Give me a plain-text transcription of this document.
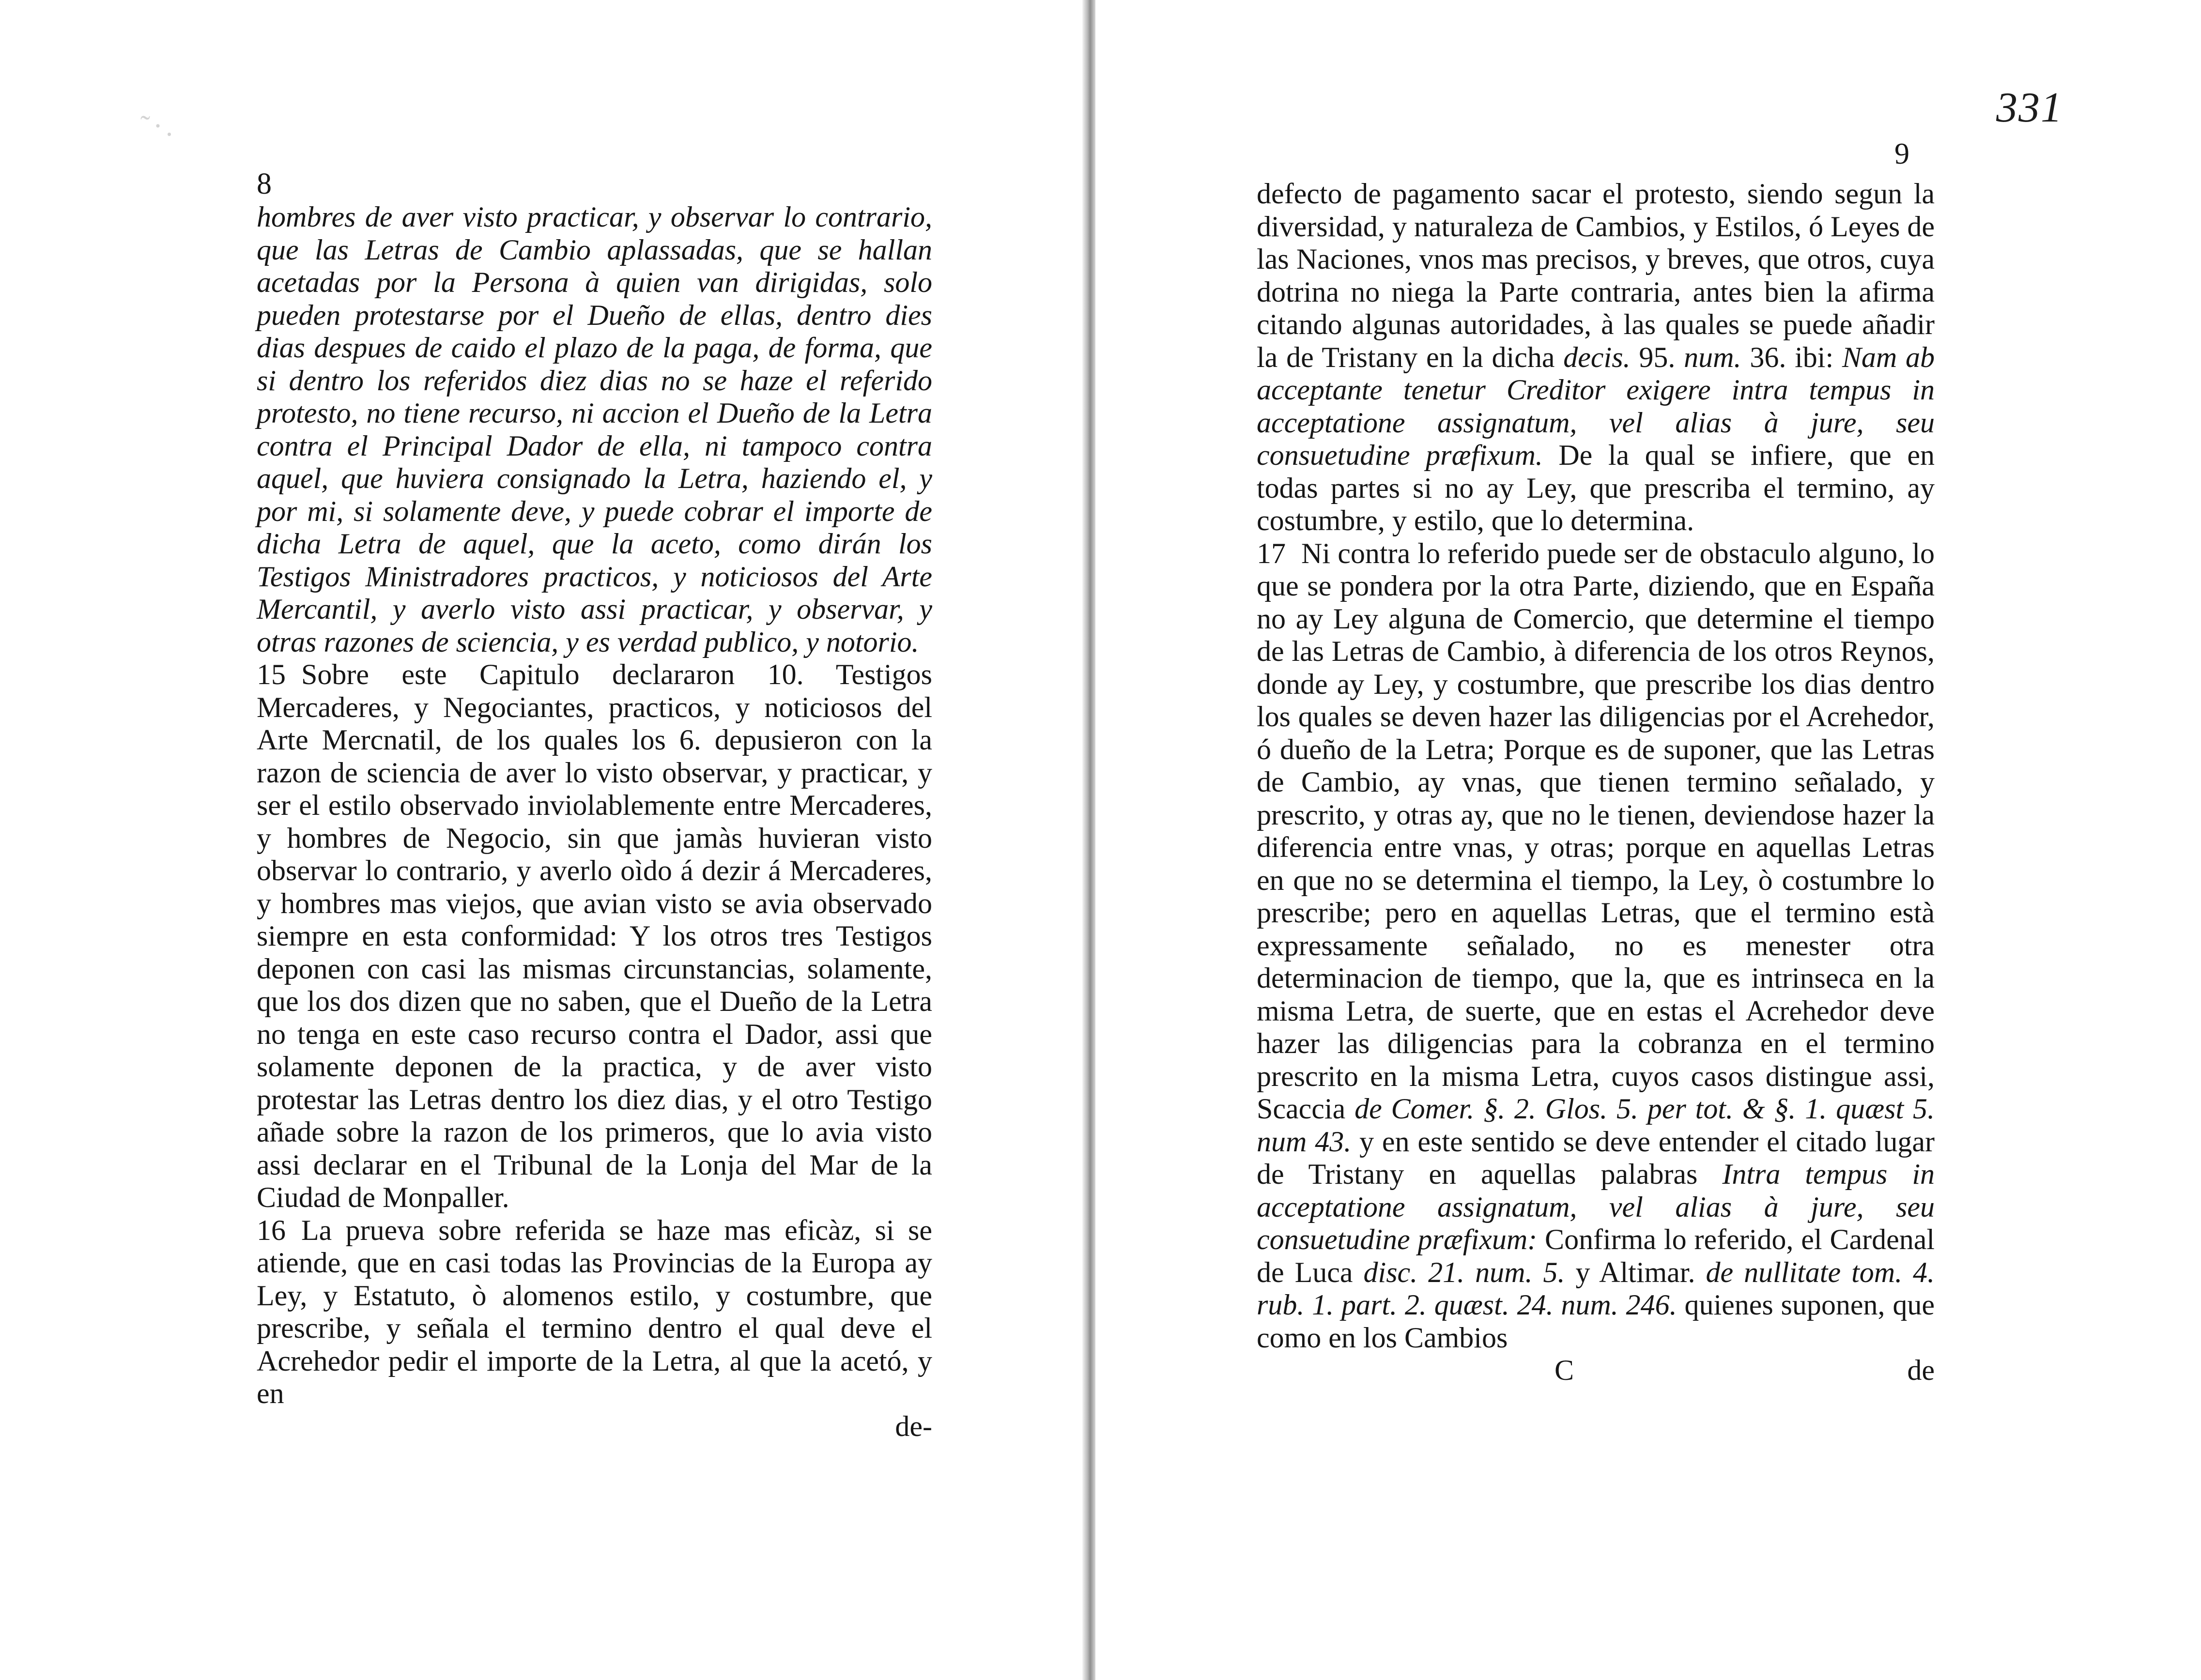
˜·.
8

hombres de aver visto practicar, y observar lo contrario, que las Letras de Cambio aplassadas, que se hallan acetadas por la Persona à quien van dirigidas, solo pueden protestarse por el Dueño de ellas, dentro dies dias despues de caido el plazo de la paga, de forma, que si dentro los referidos diez dias no se haze el referido protesto, no tiene recurso, ni accion el Dueño de la Letra contra el Principal Dador de ella, ni tampoco contra aquel, que huviera consignado la Letra, haziendo el, y por mi, si solamente deve, y puede cobrar el importe de dicha Letra de aquel, que la aceto, como dirán los Testigos Ministradores practicos, y noticiosos del Arte Mercantil, y averlo visto assi practicar, y observar, y otras razones de sciencia, y es verdad publico, y notorio.

15 Sobre este Capitulo declararon 10. Testigos Mercaderes, y Negociantes, practicos, y noticiosos del Arte Mercnatil, de los quales los 6. depusieron con la razon de sciencia de aver lo visto observar, y practicar, y ser el estilo observado inviolablemente entre Mercaderes, y hombres de Negocio, sin que jamàs huvieran visto observar lo contrario, y averlo oìdo á dezir á Mercaderes, y hombres mas viejos, que avian visto se avia observado siempre en esta conformidad: Y los otros tres Testigos deponen con casi las mismas circunstancias, solamente, que los dos dizen que no saben, que el Dueño de la Letra no tenga en este caso recurso contra el Dador, assi que solamente deponen de la practica, y de aver visto protestar las Letras dentro los diez dias, y el otro Testigo añade sobre la razon de los primeros, que lo avia visto assi declarar en el Tribunal de la Lonja del Mar de la Ciudad de Monpaller.

16 La prueva sobre referida se haze mas eficàz, si se atiende, que en casi todas las Provincias de la Europa ay Ley, y Estatuto, ò alomenos estilo, y costumbre, que prescribe, y señala el termino dentro el qual deve el Acrehedor pedir el importe de la Letra, al que la acetó, y en

de-

331
9

defecto de pagamento sacar el protesto, siendo segun la diversidad, y naturaleza de Cambios, y Estilos, ó Leyes de las Naciones, vnos mas precisos, y breves, que otros, cuya dotrina no niega la Parte contraria, antes bien la afirma citando algunas autoridades, à las quales se puede añadir la de Tristany en la dicha decis. 95. num. 36. ibi: Nam ab acceptante tenetur Creditor exigere intra tempus in acceptatione assignatum, vel alias à jure, seu consuetudine præfixum. De la qual se infiere, que en todas partes si no ay Ley, que prescriba el termino, ay costumbre, y estilo, que lo determina.

17 Ni contra lo referido puede ser de obstaculo alguno, lo que se pondera por la otra Parte, diziendo, que en España no ay Ley alguna de Comercio, que determine el tiempo de las Letras de Cambio, à diferencia de los otros Reynos, donde ay Ley, y costumbre, que prescribe los dias dentro los quales se deven hazer las diligencias por el Acrehedor, ó dueño de la Letra; Porque es de suponer, que las Letras de Cambio, ay vnas, que tienen termino señalado, y prescrito, y otras ay, que no le tienen, deviendose hazer la diferencia entre vnas, y otras; porque en aquellas Letras en que no se determina el tiempo, la Ley, ò costumbre lo prescribe; pero en aquellas Letras, que el termino està expressamente señalado, no es menester otra determinacion de tiempo, que la, que es intrinseca en la misma Letra, de suerte, que en estas el Acrehedor deve hazer las diligencias para la cobranza en el termino prescrito en la misma Letra, cuyos casos distingue assi, Scaccia de Comer. §. 2. Glos. 5. per tot. & §. 1. quæst 5. num 43. y en este sentido se deve entender el citado lugar de Tristany en aquellas palabras Intra tempus in acceptatione assignatum, vel alias à jure, seu consuetudine præfixum: Confirma lo referido, el Cardenal de Luca disc. 21. num. 5. y Altimar. de nullitate tom. 4. rub. 1. part. 2. quæst. 24. num. 246. quienes suponen, que como en los Cambios

C	de
